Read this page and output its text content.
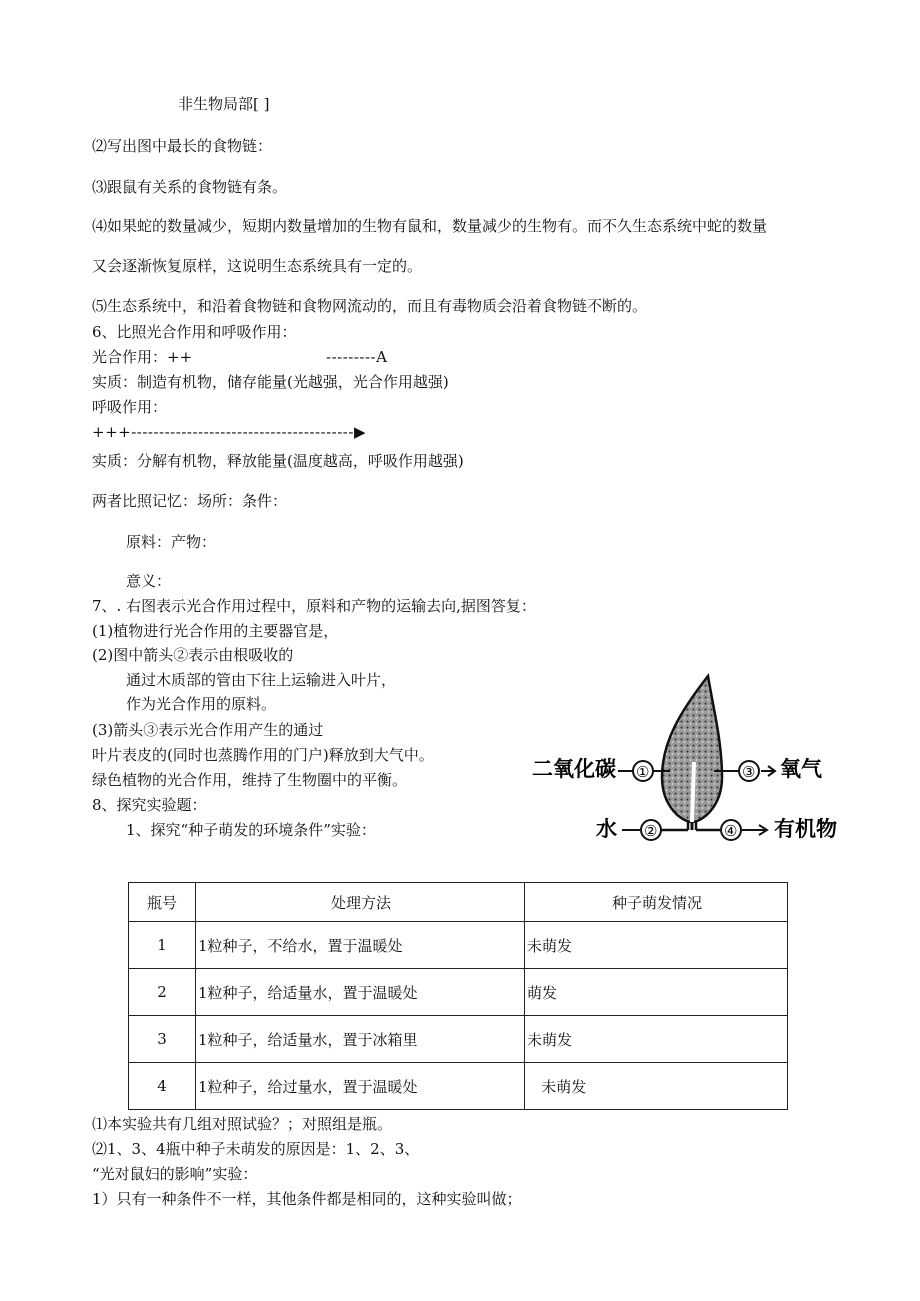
非生物局部[ ]
⑵写出图中最长的食物链：
⑶跟鼠有关系的食物链有条。
⑷如果蛇的数量减少，短期内数量增加的生物有鼠和，数量减少的生物有。而不久生态系统中蛇的数量
又会逐渐恢复原样，这说明生态系统具有一定的。
⑸生态系统中，和沿着食物链和食物网流动的，而且有毒物质会沿着食物链不断的。
6、比照光合作用和呼吸作用：
光合作用：++	---------A
实质：制造有机物，储存能量(光越强，光合作用越强)
呼吸作用：
+++----------------------------------------▶
实质：分解有机物，释放能量(温度越高，呼吸作用越强)
两者比照记忆：场所：条件：
原料：产物：
意义：
7、. 右图表示光合作用过程中，原料和产物的运输去向,据图答复：
(1)植物进行光合作用的主要器官是，
(2)图中箭头②表示由根吸收的
通过木质部的管由下往上运输进入叶片，
作为光合作用的原料。
(3)箭头③表示光合作用产生的通过
叶片表皮的(同时也蒸腾作用的门户)释放到大气中。
绿色植物的光合作用，维持了生物圈中的平衡。
8、探究实验题：
1、探究“种子萌发的环境条件”实验：
二氧化碳 ①	③ 氧气
水 ②	④ 有机物
瓶号	处理方法	种子萌发情况
1	1粒种子，不给水，置于温暖处	未萌发
2	1粒种子，给适量水，置于温暖处	萌发
3	1粒种子，给适量水，置于冰箱里	未萌发
4	1粒种子，给过量水，置于温暖处	未萌发
⑴本实验共有几组对照试验？；对照组是瓶。
⑵1、3、4瓶中种子未萌发的原因是：1、2、3、
“光对鼠妇的影响”实验：
1）只有一种条件不一样，其他条件都是相同的，这种实验叫做；
